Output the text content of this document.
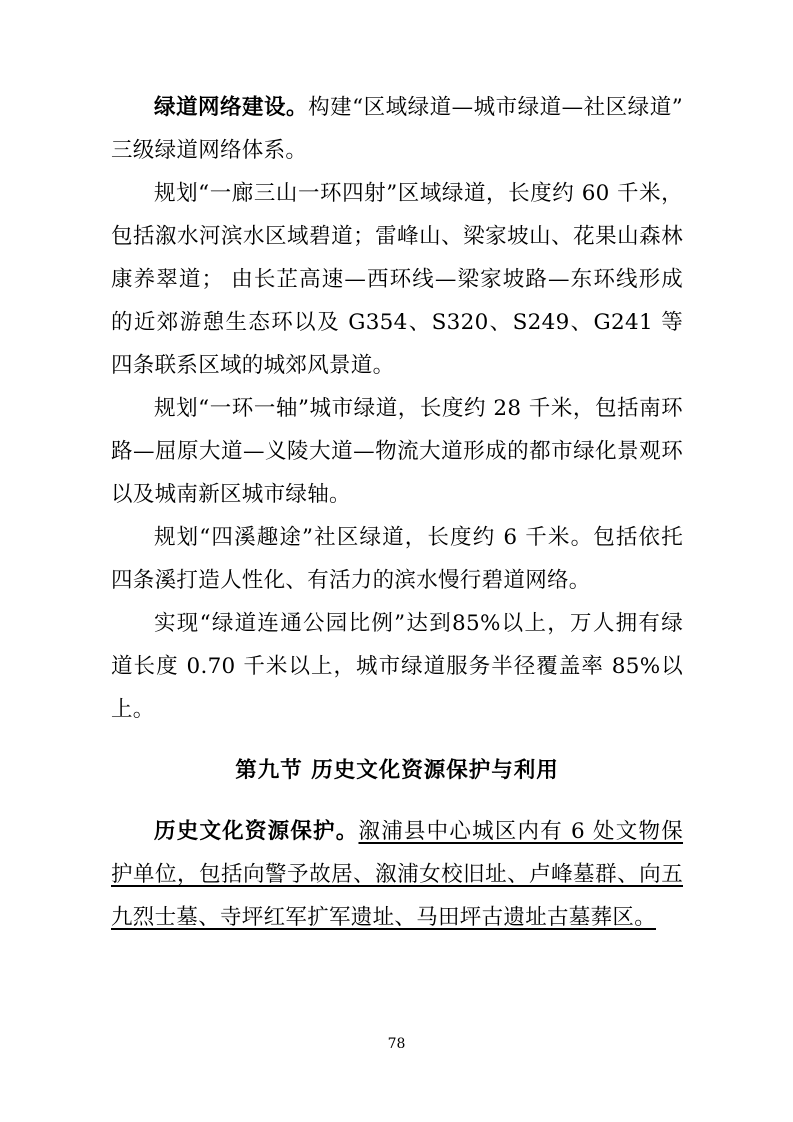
绿道网络建设。构建“区域绿道—城市绿道—社区绿道”三级绿道网络体系。

规划“一廊三山一环四射”区域绿道，长度约 60 千米，包括溆水河滨水区域碧道；雷峰山、梁家坡山、花果山森林康养翠道； 由长芷高速—西环线—梁家坡路—东环线形成的近郊游憩生态环以及 G354、S320、S249、G241 等四条联系区域的城郊风景道。

规划“一环一轴”城市绿道，长度约 28 千米，包括南环路—屈原大道—义陵大道—物流大道形成的都市绿化景观环以及城南新区城市绿轴。

规划“四溪趣途”社区绿道，长度约 6 千米。包括依托四条溪打造人性化、有活力的滨水慢行碧道网络。

实现“绿道连通公园比例”达到85%以上，万人拥有绿道长度 0.70 千米以上，城市绿道服务半径覆盖率 85%以上。

第九节 历史文化资源保护与利用

历史文化资源保护。溆浦县中心城区内有 6 处文物保护单位，包括向警予故居、溆浦女校旧址、卢峰墓群、向五九烈士墓、寺坪红军扩军遗址、马田坪古遗址古墓葬区。

78
